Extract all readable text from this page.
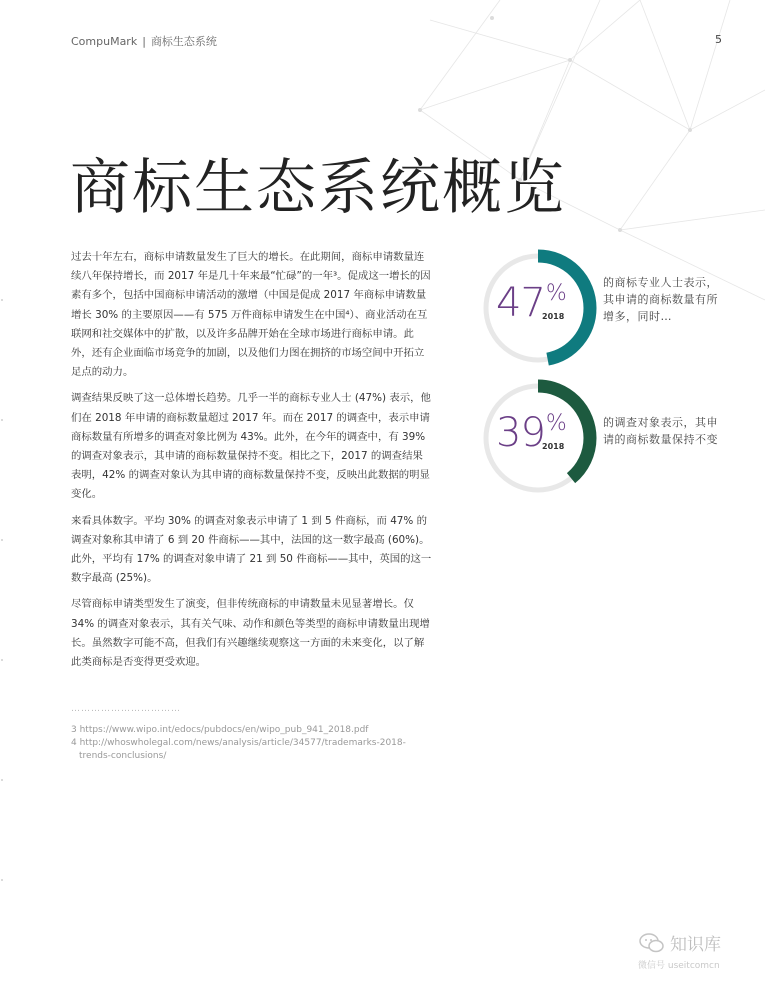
CompuMark | 商标生态系统	5
商标生态系统概览

过去十年左右，商标申请数量发生了巨大的增长。在此期间，商标申请数量连续八年保持增长，而 2017 年是几十年来最“忙碌”的一年³。促成这一增长的因素有多个，包括中国商标申请活动的激增（中国是促成 2017 年商标申请数量增长 30% 的主要原因——有 575 万件商标申请发生在中国⁴）、商业活动在互联网和社交媒体中的扩散，以及许多品牌开始在全球市场进行商标申请。此外，还有企业面临市场竞争的加剧，以及他们力图在拥挤的市场空间中开拓立足点的动力。

调查结果反映了这一总体增长趋势。几乎一半的商标专业人士 (47%) 表示，他们在 2018 年申请的商标数量超过 2017 年。而在 2017 的调查中，表示申请商标数量有所增多的调查对象比例为 43%。此外，在今年的调查中，有 39% 的调查对象表示，其申请的商标数量保持不变。相比之下，2017 的调查结果表明，42% 的调查对象认为其申请的商标数量保持不变，反映出此数据的明显变化。

来看具体数字。平均 30% 的调查对象表示申请了 1 到 5 件商标，而 47% 的调查对象称其申请了 6 到 20 件商标——其中，法国的这一数字最高 (60%)。此外，平均有 17% 的调查对象申请了 21 到 50 件商标——其中，英国的这一数字最高 (25%)。

尽管商标申请类型发生了演变，但非传统商标的申请数量未见显著增长。仅 34% 的调查对象表示，其有关气味、动作和颜色等类型的商标申请数量出现增长。虽然数字可能不高，但我们有兴趣继续观察这一方面的未来变化，以了解此类商标是否变得更受欢迎。

47%
2018
的商标专业人士表示，其申请的商标数量有所增多，同时…
39%
2018
的调查对象表示，其申请的商标数量保持不变
……………………………
3 https://www.wipo.int/edocs/pubdocs/en/wipo_pub_941_2018.pdf
4 http://whoswholegal.com/news/analysis/article/34577/trademarks-2018-
trends-conclusions/
知识库
微信号 useitcomcn
